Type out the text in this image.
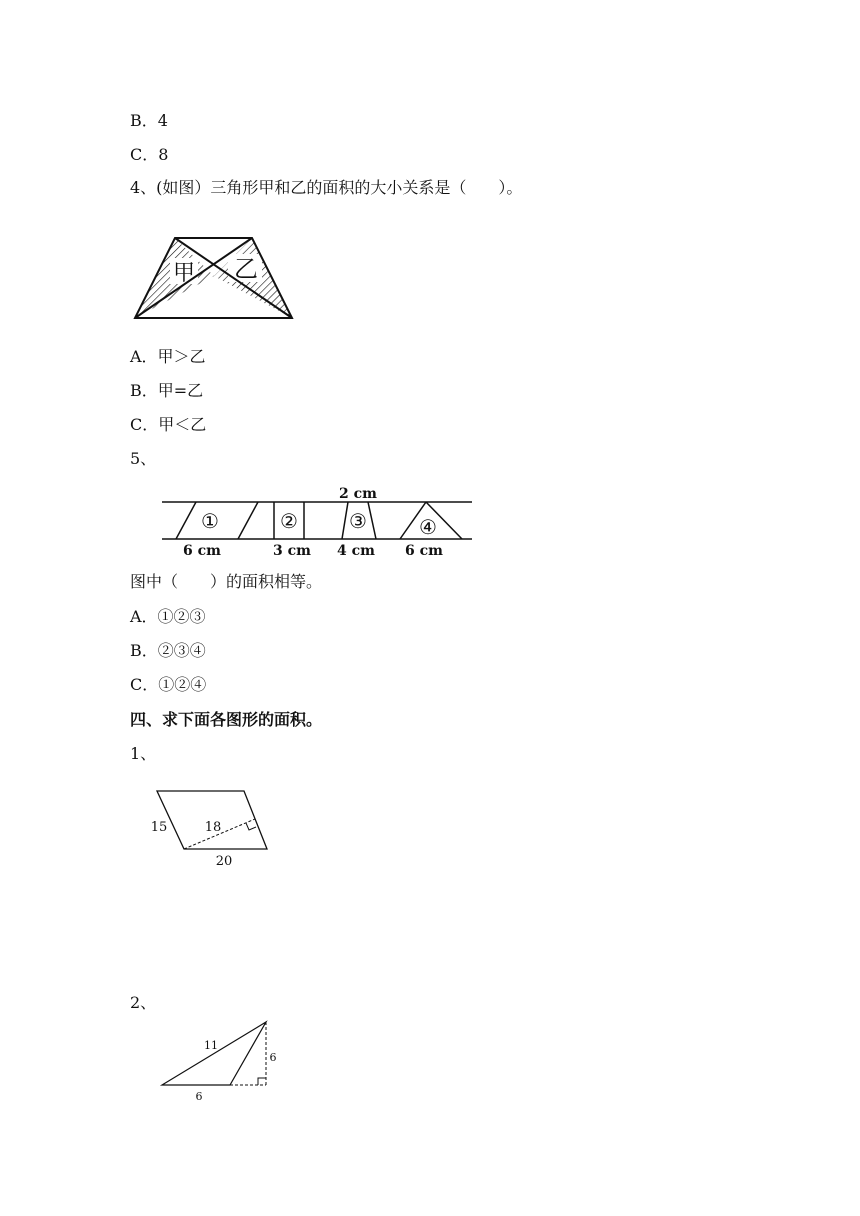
B．4
C．8
4、(如图）三角形甲和乙的面积的大小关系是（　　）。
甲 乙
A．甲＞乙
B．甲=乙
C．甲＜乙
5、
2 cm
①	②	③	④
6 cm	3 cm 4 cm 6 cm
图中（　　）的面积相等。
A．①②③
B．②③④
C．①②④
四、求下面各图形的面积。
1、
15	18
20
2、
11
6
6
